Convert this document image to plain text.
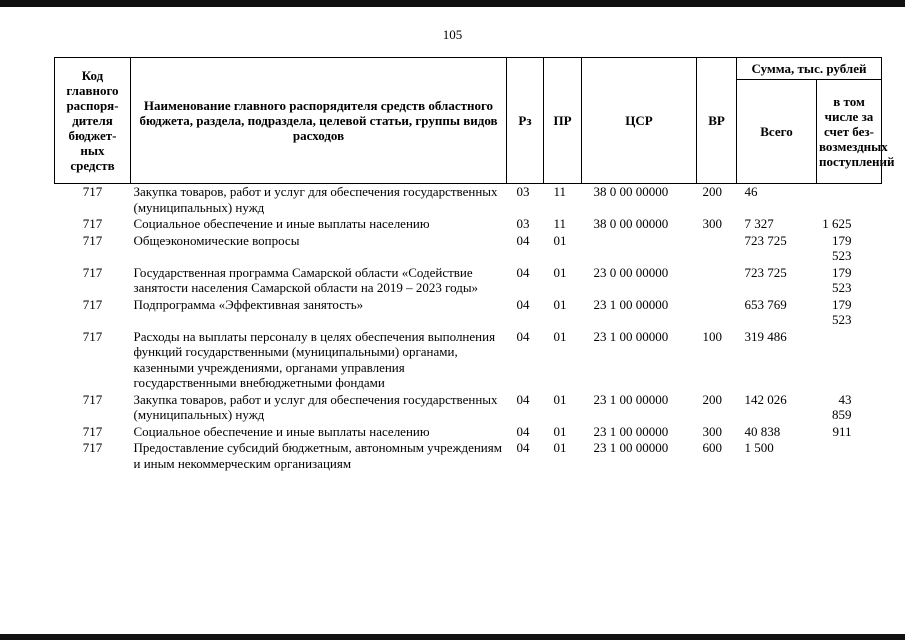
105
Код главного распоря-дителя бюджет-ных средств	Наименование главного распорядителя средств областного бюджета, раздела, подраздела, целевой статьи, группы видов расходов	Рз	ПР	ЦСР	ВР	Сумма, тыс. рублей	
						Всего	в том числе за счет без-возмездных поступлений
717	Закупка товаров, работ и услуг для обеспечения государственных (муниципальных) нужд	03	11	38 0 00 00000	200	46	
717	Социальное обеспечение и иные выплаты населению	03	11	38 0 00 00000	300	7 327	1 625
717	Общеэкономические вопросы	04	01			723 725	179 523
717	Государственная программа Самарской области «Содействие занятости населения Самарской области на 2019 – 2023 годы»	04	01	23 0 00 00000		723 725	179 523
717	Подпрограмма «Эффективная занятость»	04	01	23 1 00 00000		653 769	179 523
717	Расходы на выплаты персоналу в целях обеспечения выполнения функций государственными (муниципальными) органами, казенными учреждениями, органами управления государственными внебюджетными фондами	04	01	23 1 00 00000	100	319 486	
717	Закупка товаров, работ и услуг для обеспечения государственных (муниципальных) нужд	04	01	23 1 00 00000	200	142 026	43 859
717	Социальное обеспечение и иные выплаты населению	04	01	23 1 00 00000	300	40 838	911
717	Предоставление субсидий бюджетным, автономным учреждениям и иным некоммерческим организациям	04	01	23 1 00 00000	600	1 500	
